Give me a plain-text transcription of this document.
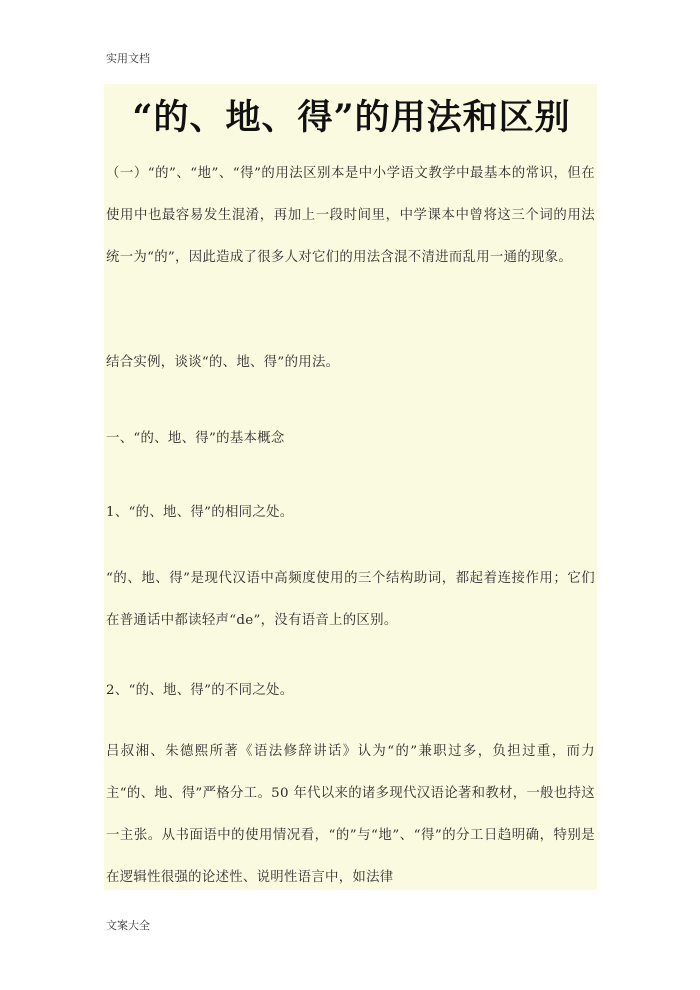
实用文档
“的、地、得”的用法和区别
（一）“的”、“地”、“得”的用法区别本是中小学语文教学中最基本的常识，但在使用中也最容易发生混淆，再加上一段时间里，中学课本中曾将这三个词的用法统一为“的”，因此造成了很多人对它们的用法含混不清进而乱用一通的现象。
结合实例，谈谈“的、地、得”的用法。
一、“的、地、得”的基本概念
1、“的、地、得”的相同之处。
“的、地、得”是现代汉语中高频度使用的三个结构助词，都起着连接作用；它们在普通话中都读轻声“de”，没有语音上的区别。
2、“的、地、得”的不同之处。
吕叔湘、朱德熙所著《语法修辞讲话》认为“的”兼职过多，负担过重，而力主“的、地、得”严格分工。50 年代以来的诸多现代汉语论著和教材，一般也持这一主张。从书面语中的使用情况看，“的”与“地”、“得”的分工日趋明确，特别是在逻辑性很强的论述性、说明性语言中，如法律
文案大全
